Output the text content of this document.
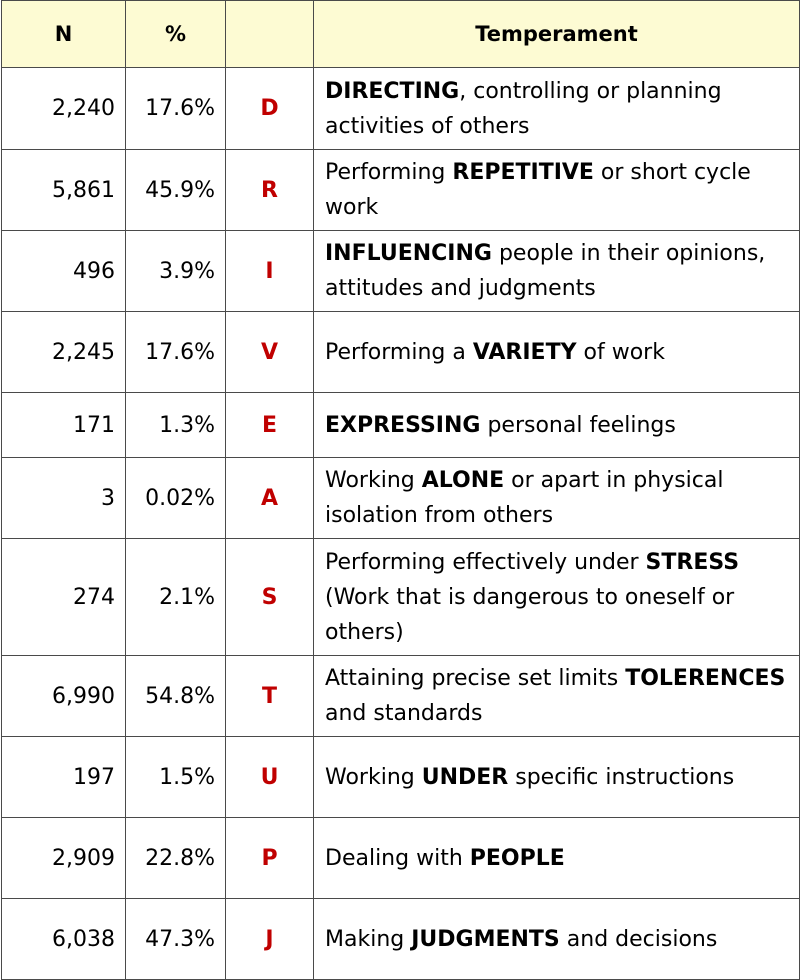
N	%		Temperament
2,240	17.6%	D	DIRECTING, controlling or planning activities of others
5,861	45.9%	R	Performing REPETITIVE or short cycle work
496	3.9%	I	INFLUENCING people in their opinions, attitudes and judgments
2,245	17.6%	V	Performing a VARIETY of work
171	1.3%	E	EXPRESSING personal feelings
3	0.02%	A	Working ALONE or apart in physical isolation from others
274	2.1%	S	Performing effectively under STRESS (Work that is dangerous to oneself or others)
6,990	54.8%	T	Attaining precise set limits TOLERENCES and standards
197	1.5%	U	Working UNDER specific instructions
2,909	22.8%	P	Dealing with PEOPLE
6,038	47.3%	J	Making JUDGMENTS and decisions
